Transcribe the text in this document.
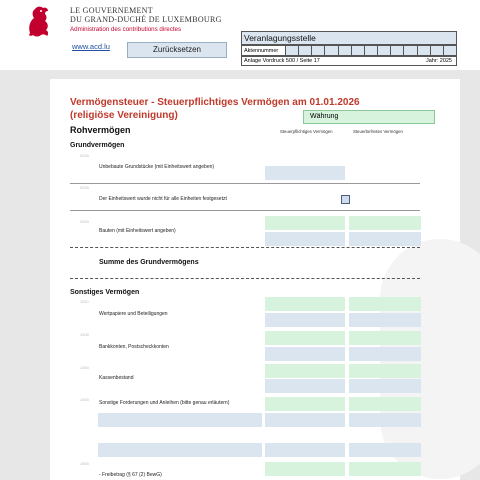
LE GOUVERNEMENT
DU GRAND-DUCHÉ DE LUXEMBOURG
Administration des contributions directes
www.acd.lu	Zurücksetzen
Veranlagungsstelle
Aktennummer
Anlage Vordruck 500 / Seite 17	Jahr: 2025
Vermögensteuer - Steuerpflichtiges Vermögen am 01.01.2026
(religiöse Vereinigung)	Währung
Rohvermögen	Steuerpflichtiges Vermögen	Steuerbefreites Vermögen
Grundvermögen
0100
Unbebaute Grundstücke (mit Einheitswert angeben)
0200
Der Einheitswert wurde nicht für alle Einheiten festgesetzt
0300
Bauten (mit Einheitswert angeben)
Summe des Grundvermögens
Sonstiges Vermögen
1100
Wertpapiere und Beteiligungen
1200
Bankkonten, Postscheckkonten
1300
Kassenbestand
1400
Sonstige Forderungen und Anleihen (bitte genau erläutern)
1500
- Freibetrag (§ 67 (2) BewG)
